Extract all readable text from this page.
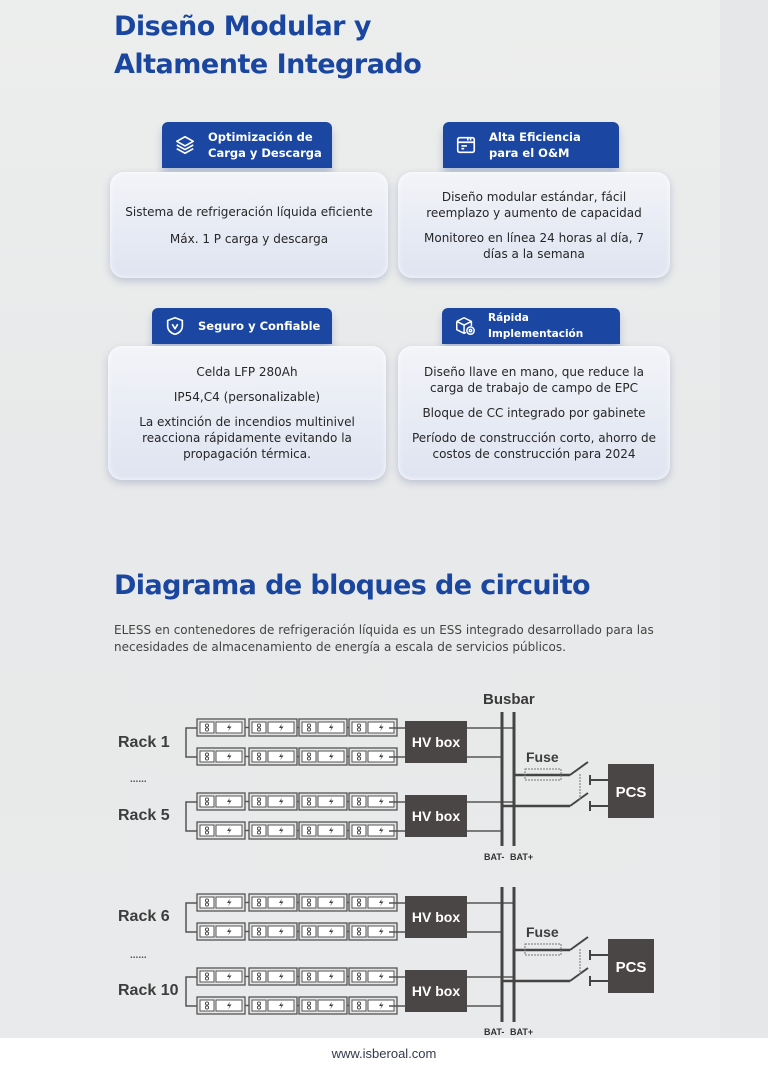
Diseño Modular y
Altamente Integrado
Optimización de
Carga y Descarga

Sistema de refrigeración líquida eficiente

Máx. 1 P carga y descarga

Alta Eficiencia
para el O&M

Diseño modular estándar, fácil reemplazo y aumento de capacidad

Monitoreo en línea 24 horas al día, 7 días a la semana

Seguro y Confiable

Celda LFP 280Ah

IP54,C4 (personalizable)

La extinción de incendios multinivel reacciona rápidamente evitando la propagación térmica.

Rápida Implementación

Diseño llave en mano, que reduce la carga de trabajo de campo de EPC

Bloque de CC integrado por gabinete

Período de construcción corto, ahorro de costos de construcción para 2024

Diagrama de bloques de circuito

ELESS en contenedores de refrigeración líquida es un ESS integrado desarrollado para las necesidades de almacenamiento de energía a escala de servicios públicos.

Busbar
Rack 1
......
Rack 5
HV box
HV box
BAT- BAT+
Fuse
PCS
Rack 6
......
Rack 10
HV box
HV box
BAT- BAT+
Fuse
PCS
www.isberoal.com
